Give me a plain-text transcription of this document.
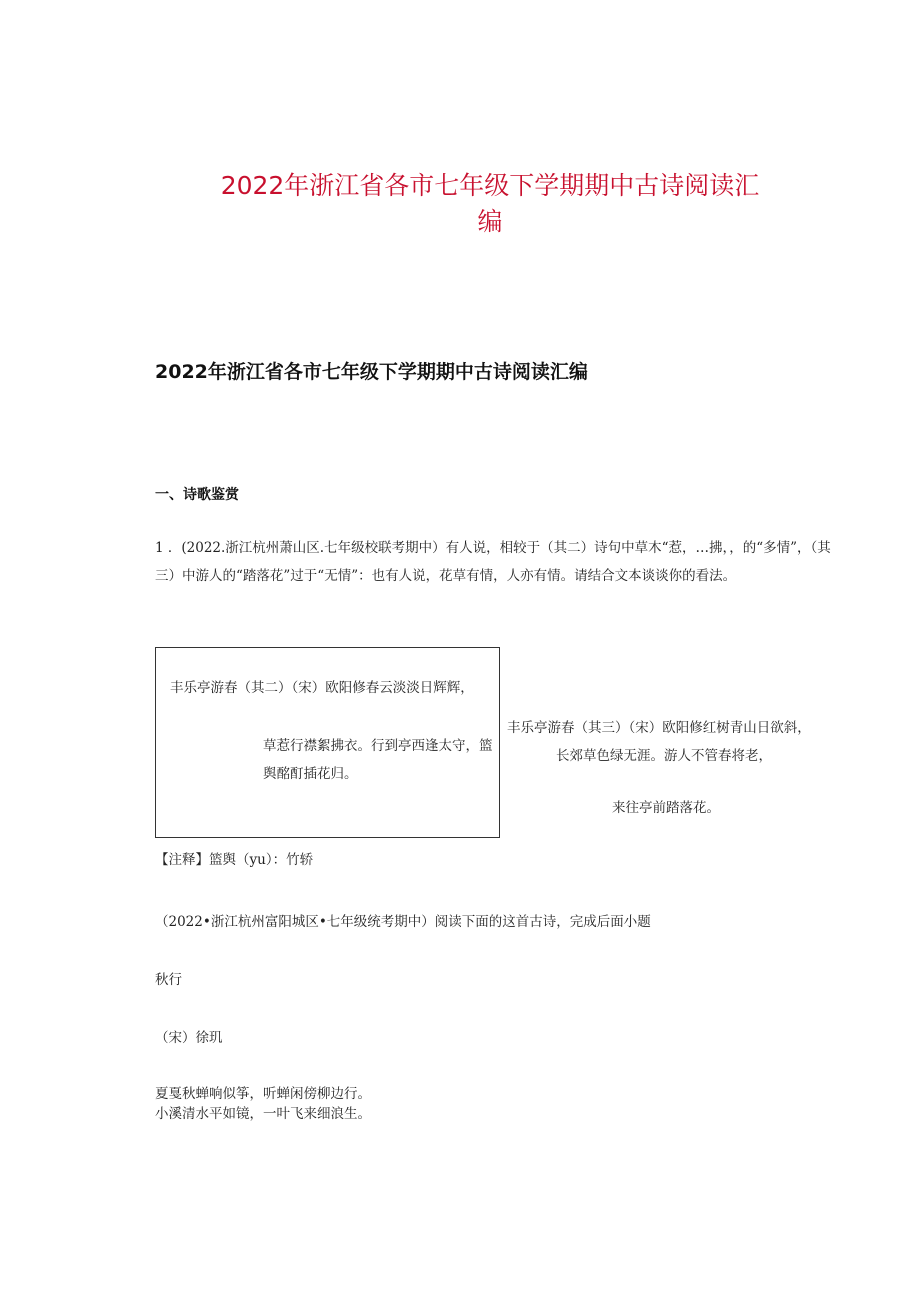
2022年浙江省各市七年级下学期期中古诗阅读汇
编
2022年浙江省各市七年级下学期期中古诗阅读汇编
一、诗歌鉴赏
1 ．(2022.浙江杭州萧山区.七年级校联考期中）有人说，相较于（其二）诗句中草木“惹，…拂，，的“多情”，（其三）中游人的“踏落花”过于“无情”：也有人说，花草有情，人亦有情。请结合文本谈谈你的看法。
丰乐亭游春（其二）（宋）欧阳修春云淡淡日辉辉，
草惹行襟絮拂衣。行到亭西逢太守，篮舆酩酊插花归。
丰乐亭游春（其三）（宋）欧阳修红树青山日欲斜，
长郊草色绿无涯。游人不管春将老，
来往亭前踏落花。
【注释】篮舆（yu）：竹轿
（2022•浙江杭州富阳城区•七年级统考期中）阅读下面的这首古诗，完成后面小题
秋行
（宋）徐玑
夏戛秋蝉响似筝，听蝉闲傍柳边行。
小溪清水平如镜，一叶飞来细浪生。
